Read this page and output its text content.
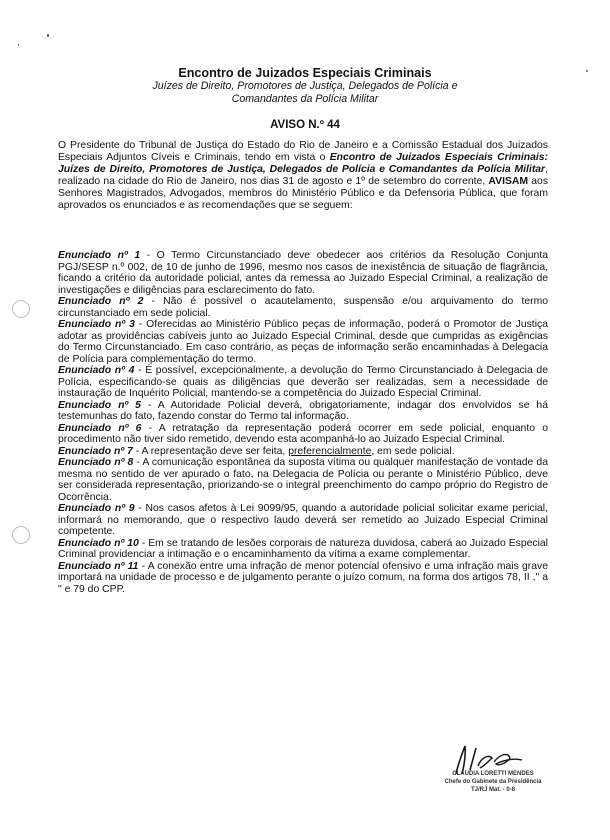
Encontro de Juizados Especiais Criminais
Juízes de Direito, Promotores de Justiça, Delegados de Polícia e
Comandantes da Polícia Militar
AVISO N.º 44
O Presidente do Tribunal de Justiça do Estado do Rio de Janeiro e a Comissão Estadual dos Juizados Especiais Adjuntos Cíveis e Criminais, tendo em vista o Encontro de Juizados Especiais Criminais: Juízes de Direito, Promotores de Justiça, Delegados de Polícia e Comandantes da Polícia Militar, realizado na cidade do Rio de Janeiro, nos dias 31 de agosto e 1º de setembro do corrente, AVISAM aos Senhores Magistrados, Advogados, membros do Ministério Público e da Defensoria Pública, que foram aprovados os enunciados e as recomendações que se seguem:

Enunciado nº 1 - O Termo Circunstanciado deve obedecer aos critérios da Resolução Conjunta PGJ/SESP n.º 002, de 10 de junho de 1996, mesmo nos casos de inexistência de situação de flagrância, ficando a critério da autoridade policial, antes da remessa ao Juizado Especial Criminal, a realização de investigações e diligências para esclarecimento do fato.

Enunciado nº 2 - Não é possível o acautelamento, suspensão e/ou arquivamento do termo circunstanciado em sede policial.

Enunciado nº 3 - Oferecidas ao Ministério Público peças de informação, poderá o Promotor de Justiça adotar as providências cabíveis junto ao Juizado Especial Criminal, desde que cumpridas as exigências do Termo Circunstanciado. Em caso contrário, as peças de informação serão encaminhadas à Delegacia de Polícia para complementação do termo.

Enunciado nº 4 - É possível, excepcionalmente, a devolução do Termo Circunstanciado à Delegacia de Polícia, especificando-se quais as diligências que deverão ser realizadas, sem a necessidade de instauração de Inquérito Policial, mantendo-se a competência do Juizado Especial Criminal.

Enunciado nº 5 - A Autoridade Policial deverá, obrigatoriamente, indagar dos envolvidos se há testemunhas do fato, fazendo constar do Termo tal informação.

Enunciado nº 6 - A retratação da representação poderá ocorrer em sede policial, enquanto o procedimento não tiver sido remetido, devendo esta acompanhá-lo ao Juizado Especial Criminal.

Enunciado nº 7 - A representação deve ser feita, preferencialmente, em sede policial.

Enunciado nº 8 - A comunicação espontânea da suposta vítima ou qualquer manifestação de vontade da mesma no sentido de ver apurado o fato, na Delegacia de Polícia ou perante o Ministério Público, deve ser considerada representação, priorizando-se o integral preenchimento do campo próprio do Registro de Ocorrência.

Enunciado nº 9 - Nos casos afetos à Lei 9099/95, quando a autoridade policial solicitar exame pericial, informará no memorando, que o respectivo laudo deverá ser remetido ao Juizado Especial Criminal competente.

Enunciado nº 10 - Em se tratando de lesões corporais de natureza duvidosa, caberá ao Juizado Especial Criminal providenciar a intimação e o encaminhamento da vítima a exame complementar.

Enunciado nº 11 - A conexão entre uma infração de menor potencial ofensivo e uma infração mais grave importará na unidade de processo e de julgamento perante o juízo comum, na forma dos artigos 78, II ," a " e 79 do CPP.

CLÁUDIA LORETTI MENDES
Chefe do Gabinete da Presidência
TJ/RJ Mat. - 0-8
